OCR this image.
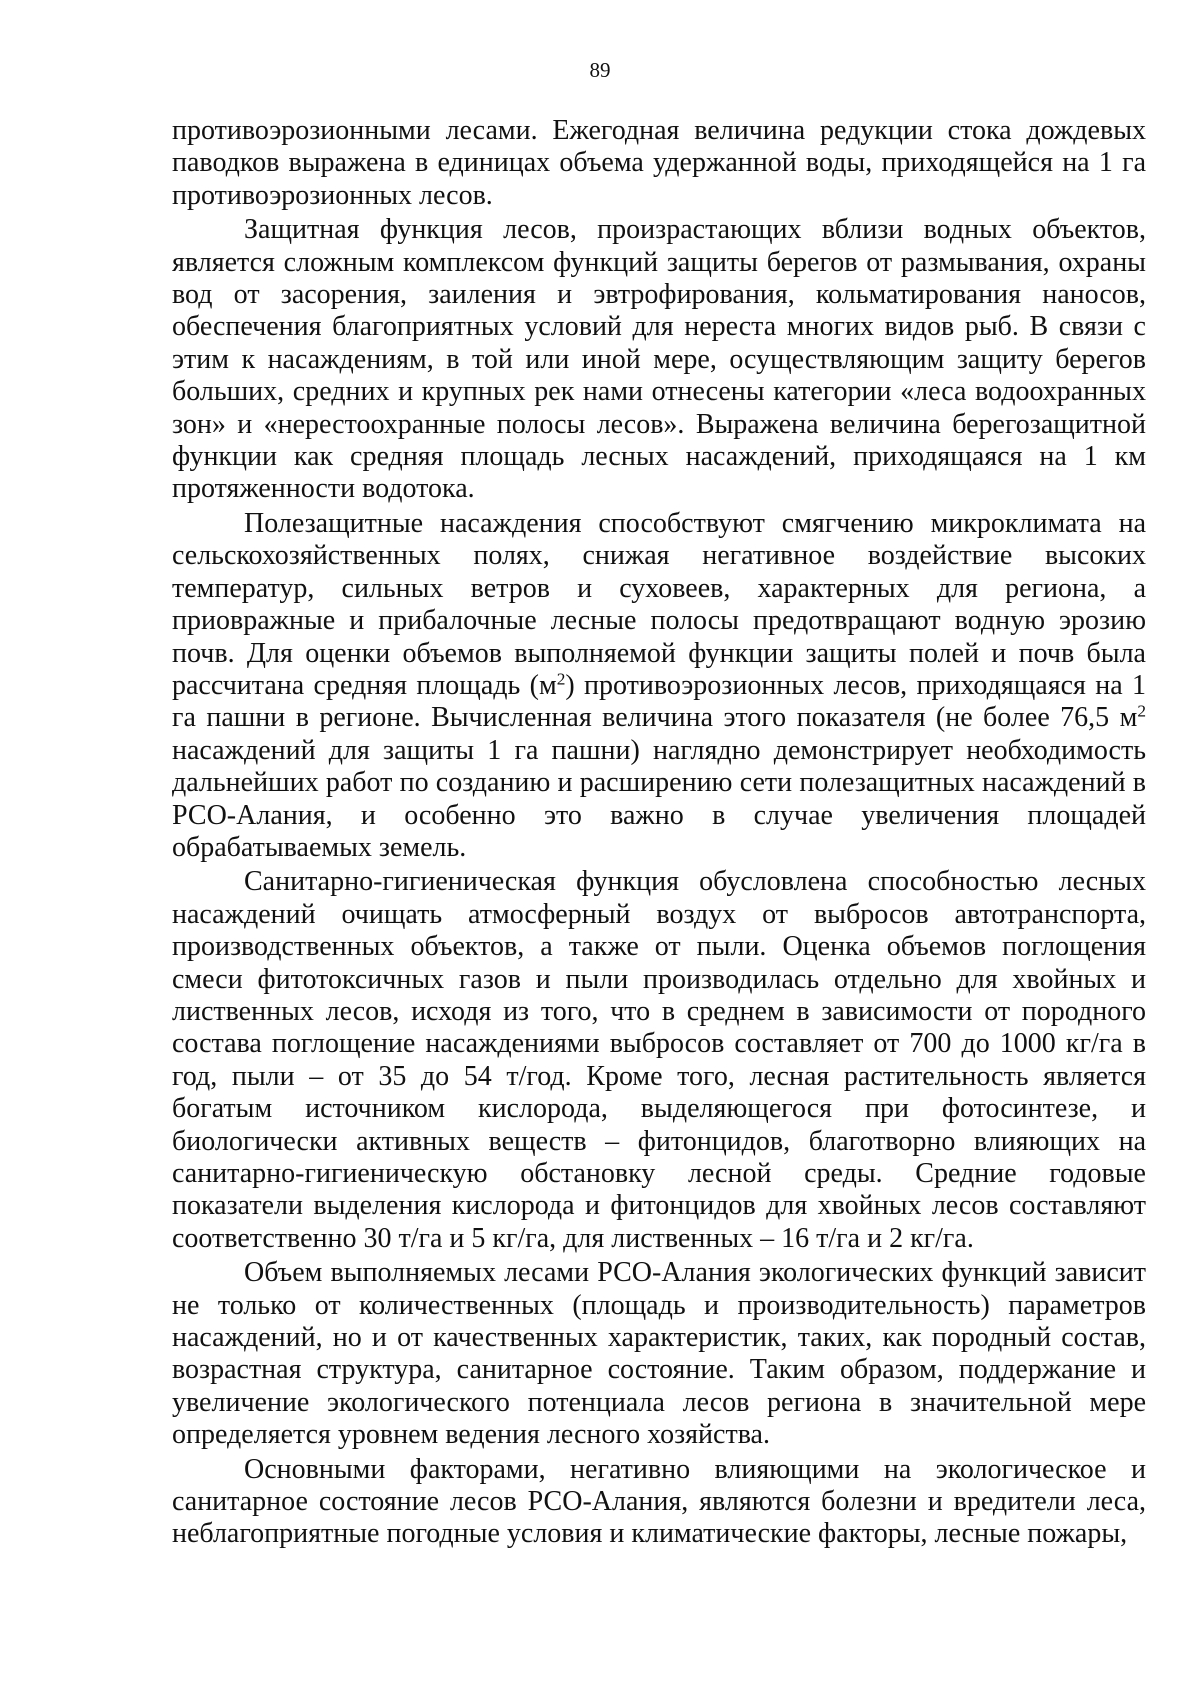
89

противоэрозионными лесами. Ежегодная величина редукции стока дождевых паводков выражена в единицах объема удержанной воды, приходящейся на 1 га противоэрозионных лесов.

Защитная функция лесов, произрастающих вблизи водных объектов, является сложным комплексом функций защиты берегов от размывания, охраны вод от засорения, заиления и эвтрофирования, кольматирования наносов, обеспечения благоприятных условий для нереста многих видов рыб. В связи с этим к насаждениям, в той или иной мере, осуществляющим защиту берегов больших, средних и крупных рек нами отнесены категории «леса водоохранных зон» и «нерестоохранные полосы лесов». Выражена величина берегозащитной функции как средняя площадь лесных насаждений, приходящаяся на 1 км протяженности водотока.

Полезащитные насаждения способствуют смягчению микроклимата на сельскохозяйственных полях, снижая негативное воздействие высоких температур, сильных ветров и суховеев, характерных для региона, а приовражные и прибалочные лесные полосы предотвращают водную эрозию почв. Для оценки объемов выполняемой функции защиты полей и почв была рассчитана средняя площадь $(м^2)$ противоэрозионных лесов, приходящаяся на 1 га пашни в регионе. Вычисленная величина этого показателя (не более 76,5 $м^2$ насаждений для защиты 1 га пашни) наглядно демонстрирует необходимость дальнейших работ по созданию и расширению сети полезащитных насаждений в РСО-Алания, и особенно это важно в случае увеличения площадей обрабатываемых земель.

Санитарно-гигиеническая функция обусловлена способностью лесных насаждений очищать атмосферный воздух от выбросов автотранспорта, производственных объектов, а также от пыли. Оценка объемов поглощения смеси фитотоксичных газов и пыли производилась отдельно для хвойных и лиственных лесов, исходя из того, что в среднем в зависимости от породного состава поглощение насаждениями выбросов составляет от 700 до 1000 кг/га в год, пыли – от 35 до 54 т/год. Кроме того, лесная растительность является богатым источником кислорода, выделяющегося при фотосинтезе, и биологически активных веществ – фитонцидов, благотворно влияющих на санитарно-гигиеническую обстановку лесной среды. Средние годовые показатели выделения кислорода и фитонцидов для хвойных лесов составляют соответственно 30 т/га и 5 кг/га, для лиственных – 16 т/га и 2 кг/га.

Объем выполняемых лесами РСО-Алания экологических функций зависит не только от количественных (площадь и производительность) параметров насаждений, но и от качественных характеристик, таких, как породный состав, возрастная структура, санитарное состояние. Таким образом, поддержание и увеличение экологического потенциала лесов региона в значительной мере определяется уровнем ведения лесного хозяйства.

Основными факторами, негативно влияющими на экологическое и санитарное состояние лесов РСО-Алания, являются болезни и вредители леса, неблагоприятные погодные условия и климатические факторы, лесные пожары,
